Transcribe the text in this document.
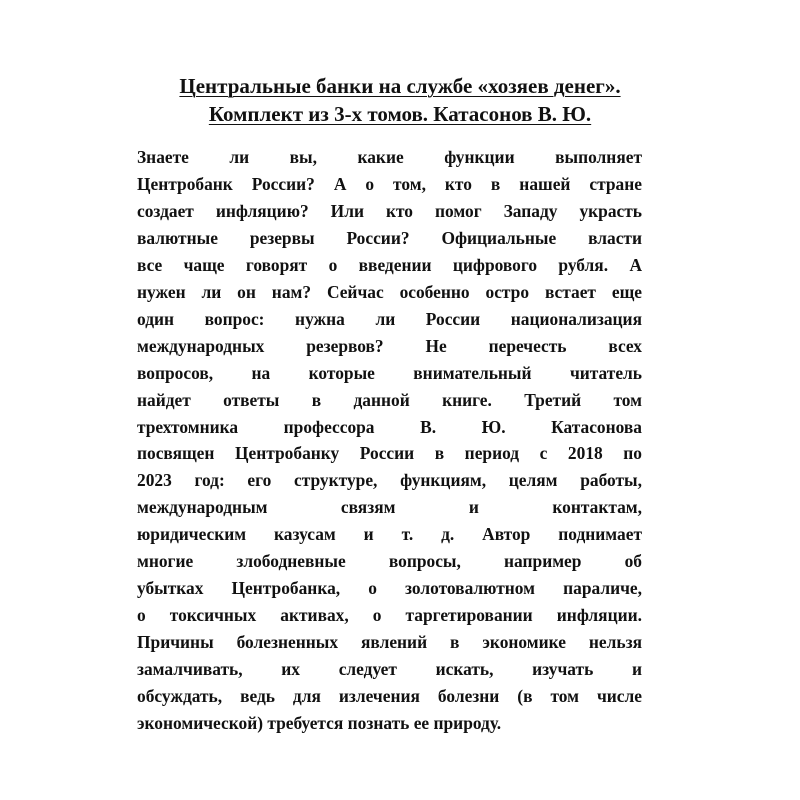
Центральные банки на службе «хозяев денег».
Комплект из 3-х томов. Катасонов В. Ю.
Знаете ли вы, какие функции выполняет
Центробанк России? А о том, кто в нашей стране
создает инфляцию? Или кто помог Западу украсть
валютные резервы России? Официальные власти
все чаще говорят о введении цифрового рубля. А
нужен ли он нам? Сейчас особенно остро встает еще
один вопрос: нужна ли России национализация
международных резервов? Не перечесть всех
вопросов, на которые внимательный читатель
найдет ответы в данной книге. Третий том
трехтомника профессора В. Ю. Катасонова
посвящен Центробанку России в период с 2018 по
2023 год: его структуре, функциям, целям работы,
международным связям и контактам,
юридическим казусам и т. д. Автор поднимает
многие злободневные вопросы, например об
убытках Центробанка, о золотовалютном параличе,
о токсичных активах, о таргетировании инфляции.
Причины болезненных явлений в экономике нельзя
замалчивать, их следует искать, изучать и
обсуждать, ведь для излечения болезни (в том числе
экономической) требуется познать ее природу.
